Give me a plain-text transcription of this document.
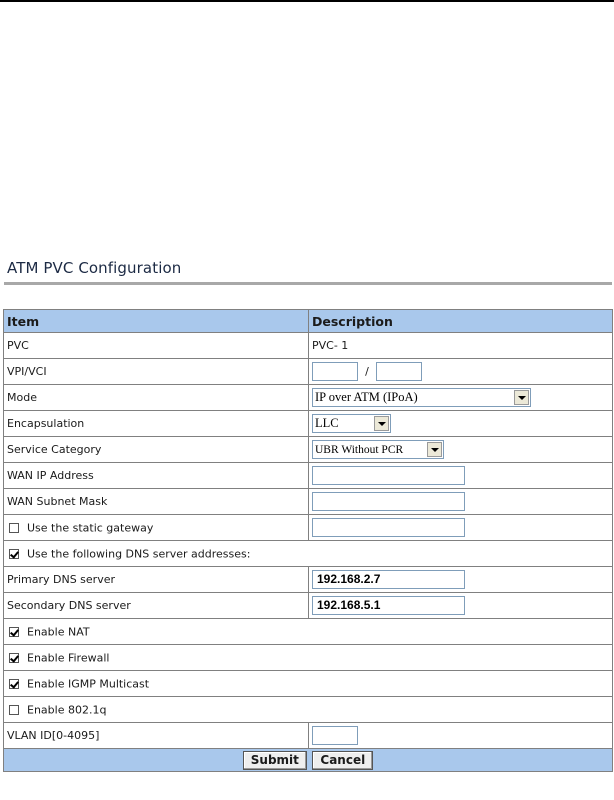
ATM PVC Configuration
Item	Description
PVC	PVC- 1
VPI/VCI	/
Mode	IP over ATM (IPoA)

Encapsulation	LLC

Service Category	UBR Without PCR

WAN IP Address	
WAN Subnet Mask	
Use the static gateway	
Use the following DNS server addresses:	
Primary DNS server	192.168.2.7
Secondary DNS server	192.168.5.1
Enable NAT	
Enable Firewall	
Enable IGMP Multicast	
Enable 802.1q	
VLAN ID[0-4095]	
Submit Cancel	
